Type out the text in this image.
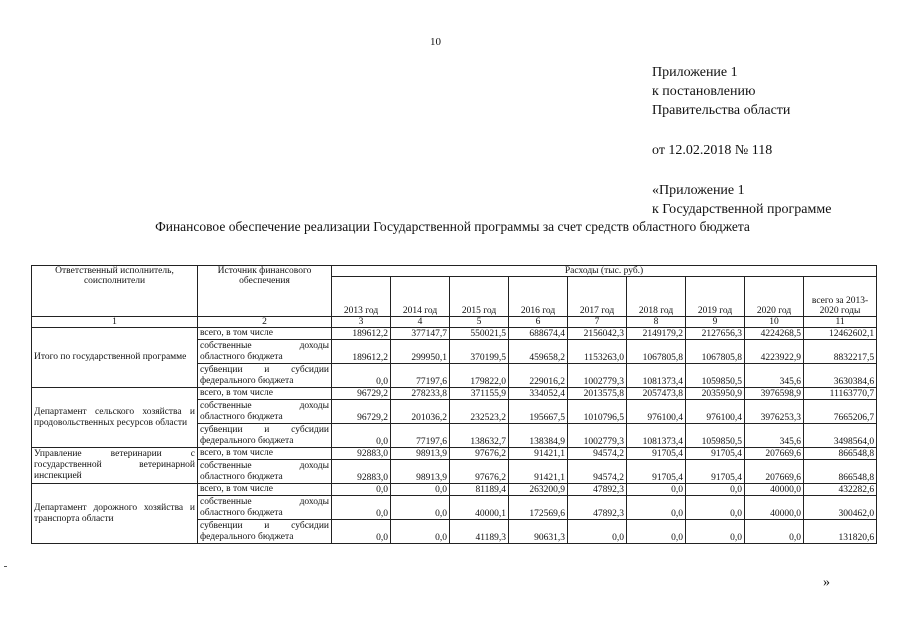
10
Приложение 1
к постановлению
Правительства области
от 12.02.2018 № 118
«Приложение 1
к Государственной программе
Финансовое обеспечение реализации Государственной программы за счет средств областного бюджета
Ответственный исполнитель, соисполнители	Источник финансового обеспечения	Расходы (тыс. руб.)								
		2013 год	2014 год	2015 год	2016 год	2017 год	2018 год	2019 год	2020 год	всего за 2013-2020 годы
1	2	3	4	5	6	7	8	9	10	11
Итого по государственной программе	всего, в том числе	189612,2	377147,7	550021,5	688674,4	2156042,3	2149179,2	2127656,3	4224268,5	12462602,1
	собственные доходы областного бюджета	189612,2	299950,1	370199,5	459658,2	1153263,0	1067805,8	1067805,8	4223922,9	8832217,5
	субвенции и субсидии федерального бюджета	0,0	77197,6	179822,0	229016,2	1002779,3	1081373,4	1059850,5	345,6	3630384,6
Департамент сельского хозяйства и продовольственных ресурсов области	всего, в том числе	96729,2	278233,8	371155,9	334052,4	2013575,8	2057473,8	2035950,9	3976598,9	11163770,7
	собственные доходы областного бюджета	96729,2	201036,2	232523,2	195667,5	1010796,5	976100,4	976100,4	3976253,3	7665206,7
	субвенции и субсидии федерального бюджета	0,0	77197,6	138632,7	138384,9	1002779,3	1081373,4	1059850,5	345,6	3498564,0
Управление ветеринарии с государственной ветеринарной инспекцией	всего, в том числе	92883,0	98913,9	97676,2	91421,1	94574,2	91705,4	91705,4	207669,6	866548,8
	собственные доходы областного бюджета	92883,0	98913,9	97676,2	91421,1	94574,2	91705,4	91705,4	207669,6	866548,8
Департамент дорожного хозяйства и транспорта области	всего, в том числе	0,0	0,0	81189,4	263200,9	47892,3	0,0	0,0	40000,0	432282,6
	собственные доходы областного бюджета	0,0	0,0	40000,1	172569,6	47892,3	0,0	0,0	40000,0	300462,0
	субвенции и субсидии федерального бюджета	0,0	0,0	41189,3	90631,3	0,0	0,0	0,0	0,0	131820,6
»
